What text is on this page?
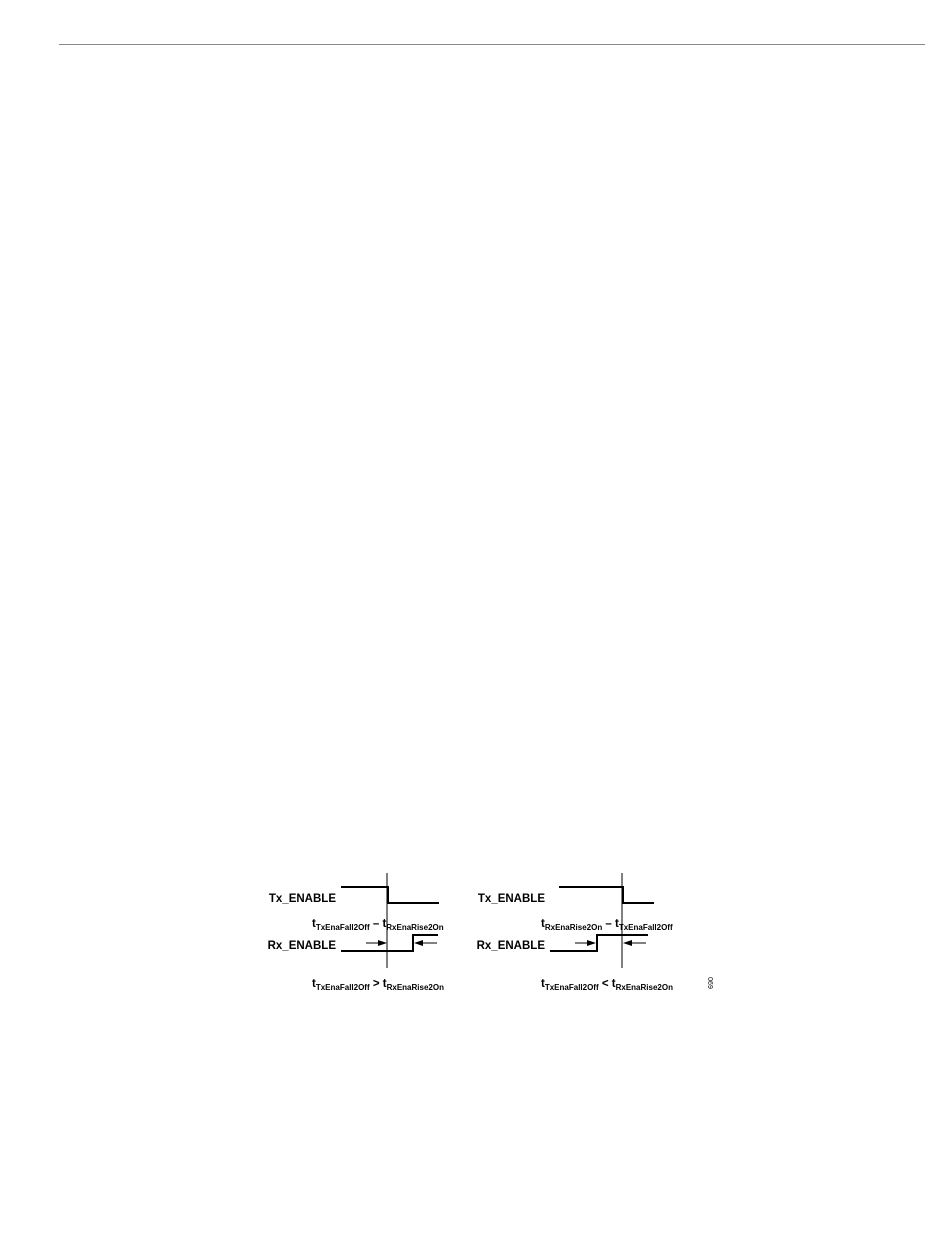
Tx_ENABLE
Rx_ENABLE
$t_{TxEnaFall2Off} - t_{RxEnaRise2On}$
$t_{TxEnaFall2Off} > t_{RxEnaRise2On}$
Tx_ENABLE
Rx_ENABLE
$t_{RxEnaRise2On} - t_{TxEnaFall2Off}$
$t_{TxEnaFall2Off} < t_{RxEnaRise2On}$	069
